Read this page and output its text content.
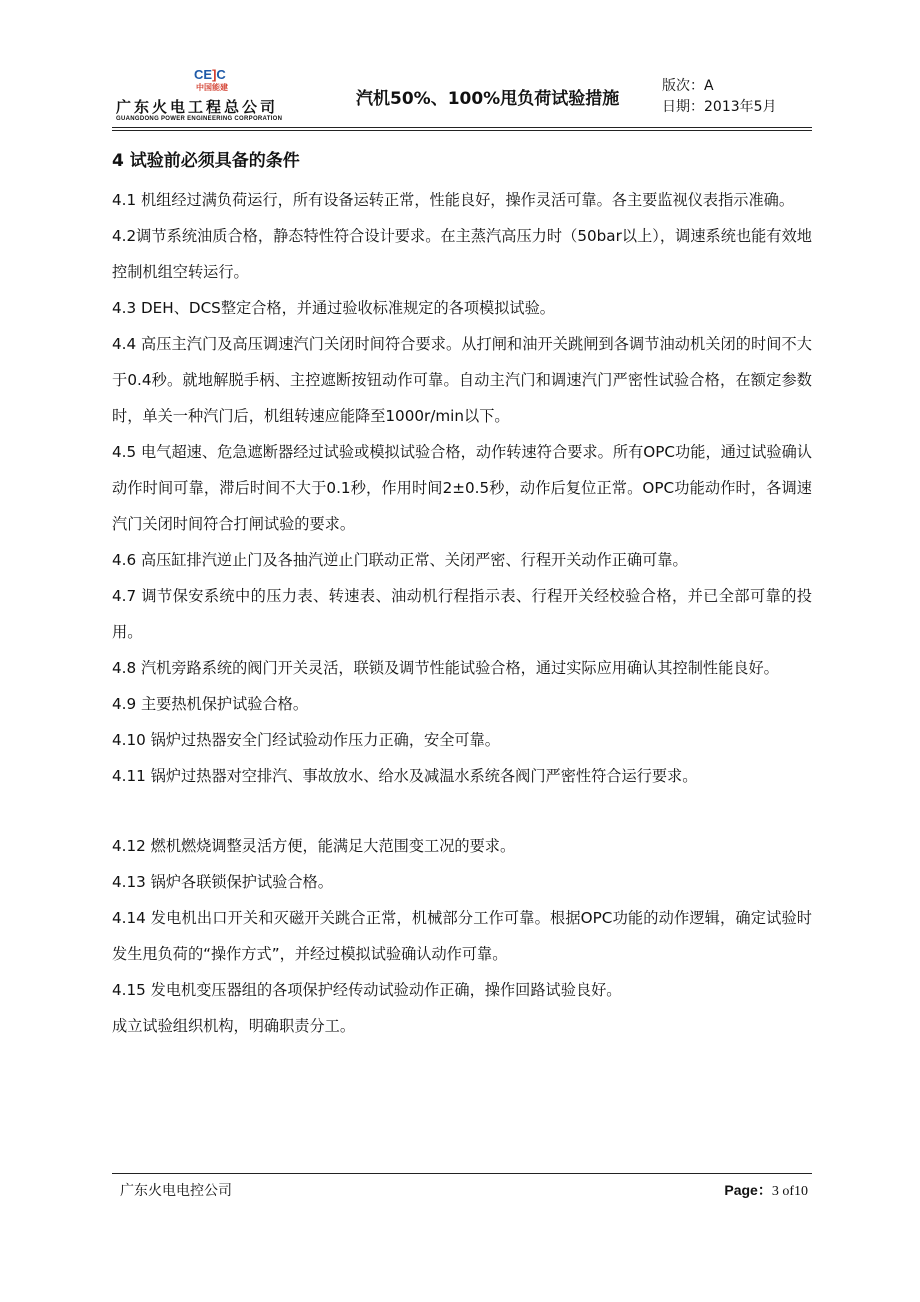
CE]C
中国能建
广东火电工程总公司
GUANGDONG POWER ENGINEERING CORPORATION
汽机50%、100%甩负荷试验措施
版次：A
日期：2013年5月
4 试验前必须具备的条件

4.1 机组经过满负荷运行，所有设备运转正常，性能良好，操作灵活可靠。各主要监视仪表指示准确。

4.2调节系统油质合格，静态特性符合设计要求。在主蒸汽高压力时（50bar以上），调速系统也能有效地控制机组空转运行。

4.3 DEH、DCS整定合格，并通过验收标准规定的各项模拟试验。

4.4 高压主汽门及高压调速汽门关闭时间符合要求。从打闸和油开关跳闸到各调节油动机关闭的时间不大于0.4秒。就地解脱手柄、主控遮断按钮动作可靠。自动主汽门和调速汽门严密性试验合格，在额定参数时，单关一种汽门后，机组转速应能降至1000r/min以下。

4.5 电气超速、危急遮断器经过试验或模拟试验合格，动作转速符合要求。所有OPC功能，通过试验确认动作时间可靠，滞后时间不大于0.1秒，作用时间2±0.5秒，动作后复位正常。OPC功能动作时，各调速汽门关闭时间符合打闸试验的要求。

4.6 高压缸排汽逆止门及各抽汽逆止门联动正常、关闭严密、行程开关动作正确可靠。

4.7 调节保安系统中的压力表、转速表、油动机行程指示表、行程开关经校验合格，并已全部可靠的投用。

4.8 汽机旁路系统的阀门开关灵活，联锁及调节性能试验合格，通过实际应用确认其控制性能良好。

4.9 主要热机保护试验合格。

4.10 锅炉过热器安全门经试验动作压力正确，安全可靠。

4.11 锅炉过热器对空排汽、事故放水、给水及减温水系统各阀门严密性符合运行要求。

4.12 燃机燃烧调整灵活方便，能满足大范围变工况的要求。

4.13 锅炉各联锁保护试验合格。

4.14 发电机出口开关和灭磁开关跳合正常，机械部分工作可靠。根据OPC功能的动作逻辑，确定试验时发生甩负荷的“操作方式”，并经过模拟试验确认动作可靠。

4.15 发电机变压器组的各项保护经传动试验动作正确，操作回路试验良好。

成立试验组织机构，明确职责分工。

广东火电电控公司	Page：3 of10
